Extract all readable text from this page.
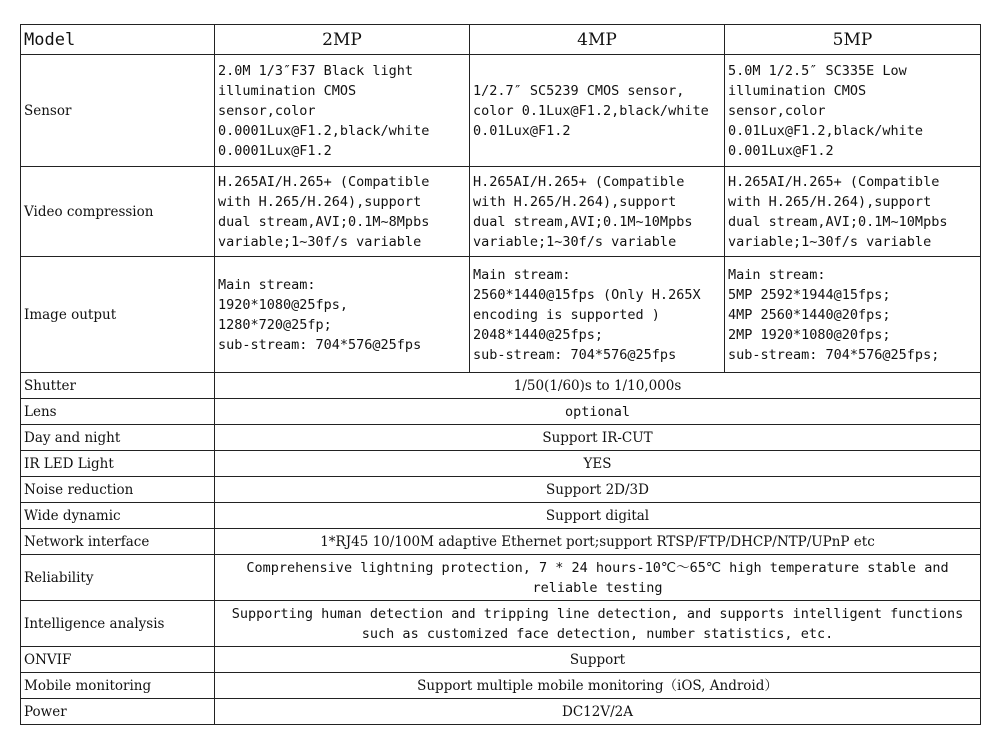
Model	2MP	4MP	5MP
Sensor	2.0M 1/3″F37 Black light
illumination CMOS
sensor,color
0.0001Lux@F1.2,black/white
0.0001Lux@F1.2	1/2.7″ SC5239 CMOS sensor,
color 0.1Lux@F1.2,black/white
0.01Lux@F1.2	5.0M 1/2.5″ SC335E Low
illumination CMOS
sensor,color
0.01Lux@F1.2,black/white
0.001Lux@F1.2
Video compression	H.265AI/H.265+ (Compatible
with H.265/H.264),support
dual stream,AVI;0.1M~8Mpbs
variable;1~30f/s variable	H.265AI/H.265+ (Compatible
with H.265/H.264),support
dual stream,AVI;0.1M~10Mpbs
variable;1~30f/s variable	H.265AI/H.265+ (Compatible
with H.265/H.264),support
dual stream,AVI;0.1M~10Mpbs
variable;1~30f/s variable
Image output	Main stream:
1920*1080@25fps,
1280*720@25fp;
sub-stream: 704*576@25fps	Main stream:
2560*1440@15fps (Only H.265X
encoding is supported )
2048*1440@25fps;
sub-stream: 704*576@25fps	Main stream:
5MP 2592*1944@15fps;
4MP 2560*1440@20fps;
2MP 1920*1080@20fps;
sub-stream: 704*576@25fps;
Shutter	1/50(1/60)s to 1/10,000s		
Lens	optional		
Day and night	Support IR-CUT		
IR LED Light	YES		
Noise reduction	Support 2D/3D		
Wide dynamic	Support digital		
Network interface	1*RJ45 10/100M adaptive Ethernet port;support RTSP/FTP/DHCP/NTP/UPnP etc		
Reliability	Comprehensive lightning protection, 7 * 24 hours-10℃～65℃ high temperature stable and reliable testing		
Intelligence analysis	Supporting human detection and tripping line detection, and supports intelligent functions such as customized face detection, number statistics, etc.		
ONVIF	Support		
Mobile monitoring	Support multiple mobile monitoring（iOS, Android）		
Power	DC12V/2A		
